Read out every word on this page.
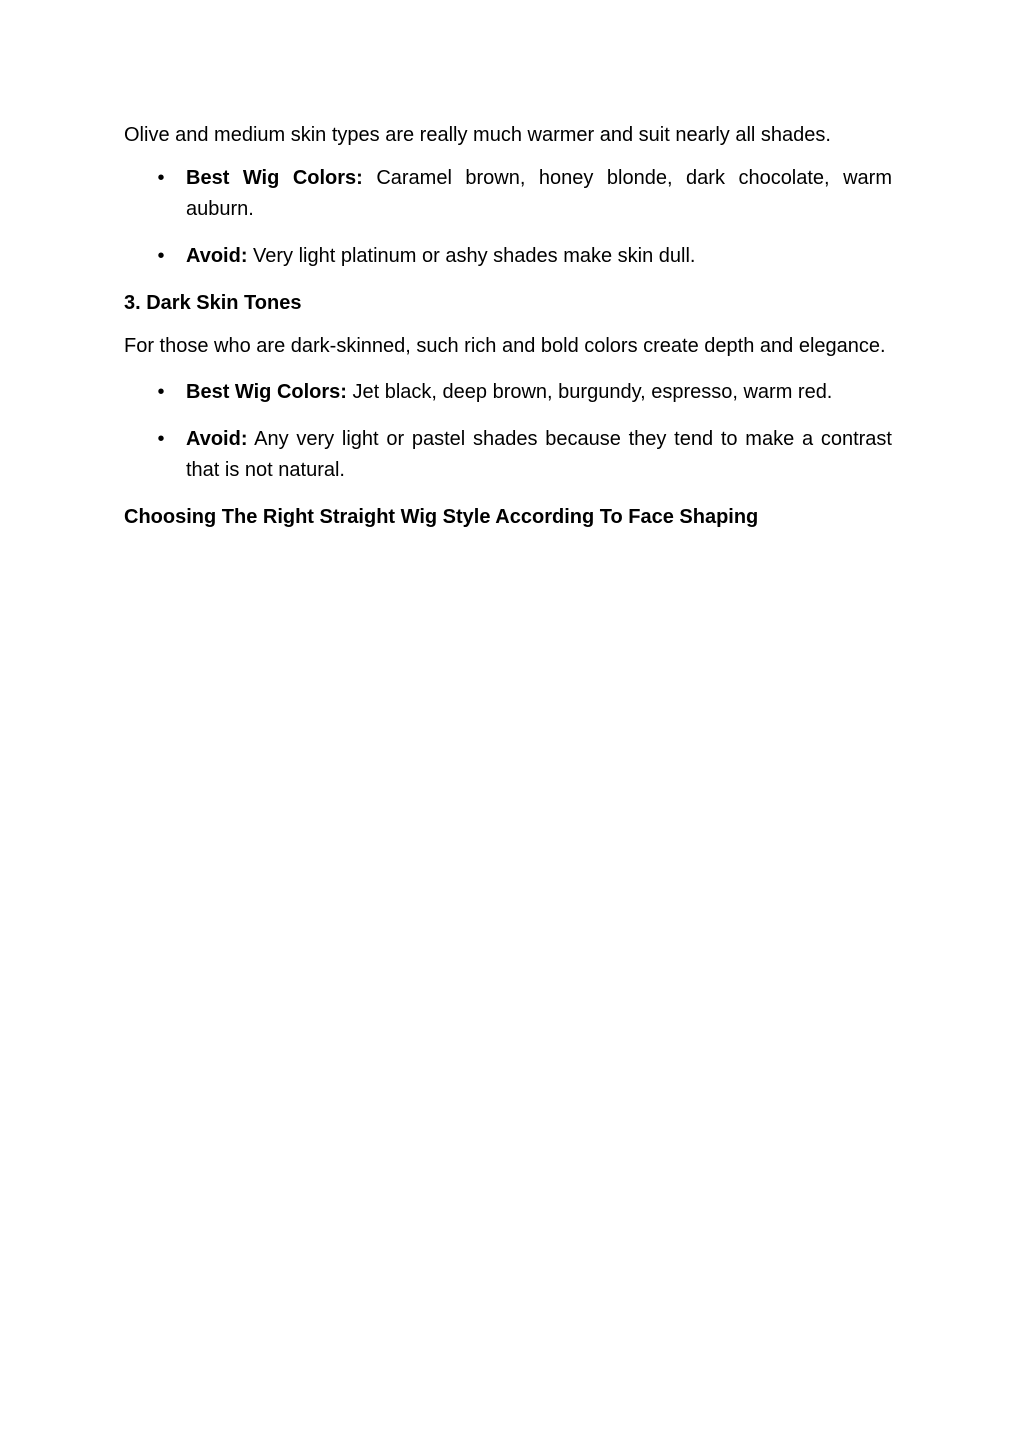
Olive and medium skin types are really much warmer and suit nearly all shades.

• Best Wig Colors: Caramel brown, honey blonde, dark chocolate, warm auburn.
• Avoid: Very light platinum or ashy shades make skin dull.
3. Dark Skin Tones

For those who are dark-skinned, such rich and bold colors create depth and elegance.

• Best Wig Colors: Jet black, deep brown, burgundy, espresso, warm red.
• Avoid: Any very light or pastel shades because they tend to make a contrast that is not natural.
Choosing The Right Straight Wig Style According To Face Shaping
